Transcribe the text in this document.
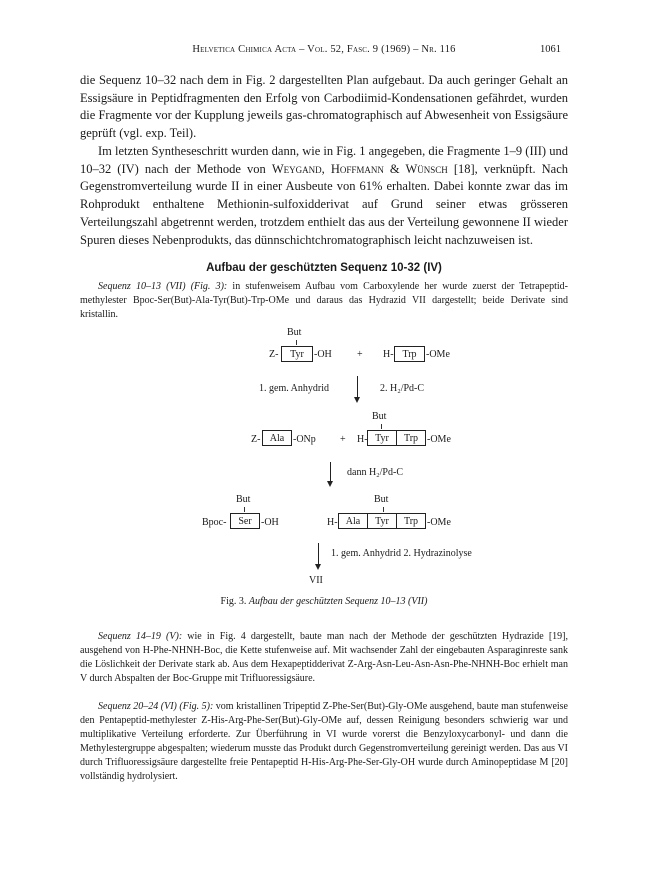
Helvetica Chimica Acta – Vol. 52, Fasc. 9 (1969) – Nr. 116	1061
die Sequenz 10–32 nach dem in Fig. 2 dargestellten Plan aufgebaut. Da auch geringer Gehalt an Essigsäure in Peptidfragmenten den Erfolg von Carbodiimid-Kondensationen gefährdet, wurden die Fragmente vor der Kupplung jeweils gas-chromatographisch auf Abwesenheit von Essigsäure geprüft (vgl. exp. Teil).
Im letzten Syntheseschritt wurden dann, wie in Fig. 1 angegeben, die Fragmente 1–9 (III) und 10–32 (IV) nach der Methode von Weygand, Hoffmann & Wünsch [18], verknüpft. Nach Gegenstromverteilung wurde II in einer Ausbeute von 61% erhalten. Dabei konnte zwar das im Rohprodukt enthaltene Methionin-sulfoxidderivat auf Grund seiner etwas grösseren Verteilungszahl abgetrennt werden, trotzdem enthielt das aus der Verteilung gewonnene II wieder Spuren dieses Nebenprodukts, das dünnschichtchromatographisch leicht nachzuweisen ist.
Aufbau der geschützten Sequenz 10-32 (IV)
Sequenz 10–13 (VII) (Fig. 3): in stufenweisem Aufbau vom Carboxylende her wurde zuerst der Tetrapeptid-methylester Bpoc-Ser(But)-Ala-Tyr(But)-Trp-OMe und daraus das Hydrazid VII dargestellt; beide Derivate sind kristallin.
But
Z-	Tyr	-OH	+ H- Trp -OMe
1. gem. Anhydrid	2. H₂/Pd-C
But
Z- Ala -ONp + H- Tyr	Trp -OMe
dann H₂/Pd-C
But	But
Bpoc-	Ser -OH	H- Ala	Tyr	Trp -OMe
1. gem. Anhydrid 2. Hydrazinolyse
VII
Fig. 3. Aufbau der geschützten Sequenz 10–13 (VII)
Sequenz 14–19 (V): wie in Fig. 4 dargestellt, baute man nach der Methode der geschützten Hydrazide [19], ausgehend von H-Phe-NHNH-Boc, die Kette stufenweise auf. Mit wachsender Zahl der eingebauten Asparaginreste sank die Löslichkeit der Derivate stark ab. Aus dem Hexapeptidderivat Z-Arg-Asn-Leu-Asn-Asn-Phe-NHNH-Boc erhielt man V durch Abspalten der Boc-Gruppe mit Trifluoressigsäure.
Sequenz 20–24 (VI) (Fig. 5): vom kristallinen Tripeptid Z-Phe-Ser(But)-Gly-OMe ausgehend, baute man stufenweise den Pentapeptid-methylester Z-His-Arg-Phe-Ser(But)-Gly-OMe auf, dessen Reinigung besonders schwierig war und multiplikative Verteilung erforderte. Zur Überführung in VI wurde vorerst die Benzyloxycarbonyl- und dann die Methylestergruppe abgespalten; wiederum musste das Produkt durch Gegenstromverteilung gereinigt werden. Das aus VI durch Trifluoressigsäure dargestellte freie Pentapeptid H-His-Arg-Phe-Ser-Gly-OH wurde durch Aminopeptidase M [20] vollständig hydrolysiert.
